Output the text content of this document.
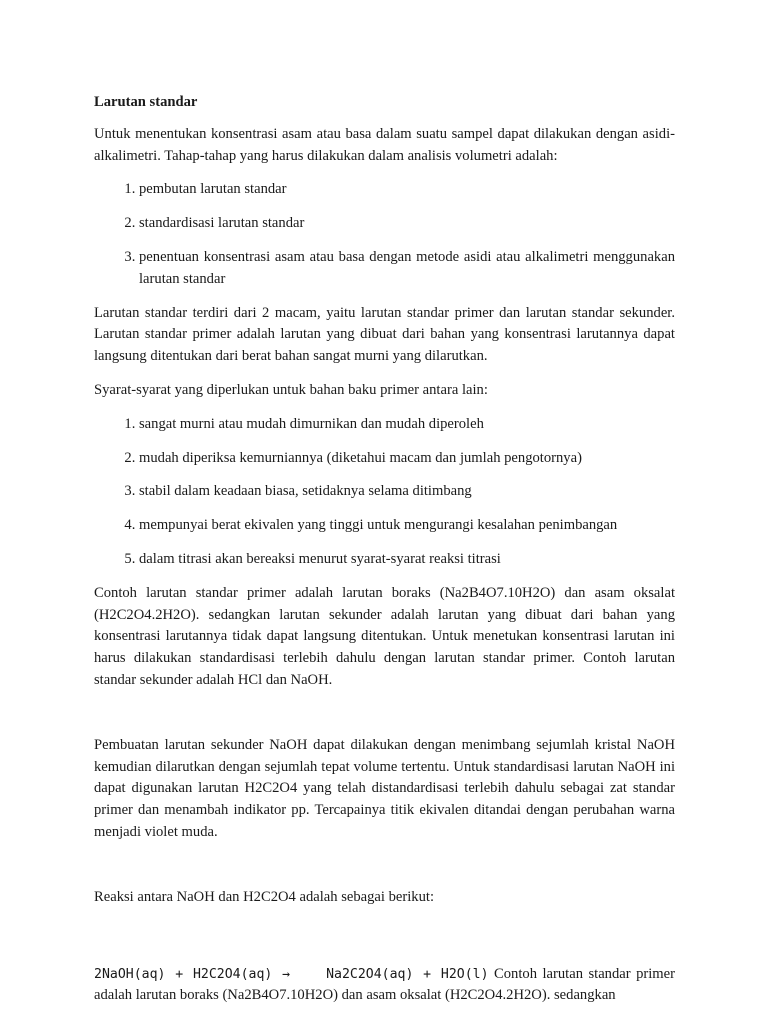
Larutan standar

Untuk menentukan konsentrasi asam atau basa dalam suatu sampel dapat dilakukan dengan asidi-alkalimetri. Tahap-tahap yang harus dilakukan dalam analisis volumetri adalah:

1. pembutan larutan standar
2. standardisasi larutan standar
3. penentuan konsentrasi asam atau basa dengan metode asidi atau alkalimetri menggunakan larutan standar

Larutan standar terdiri dari 2 macam, yaitu larutan standar primer dan larutan standar sekunder. Larutan standar primer adalah larutan yang dibuat dari bahan yang konsentrasi larutannya dapat langsung ditentukan dari berat bahan sangat murni yang dilarutkan.

Syarat-syarat yang diperlukan untuk bahan baku primer antara lain:

1. sangat murni atau mudah dimurnikan dan mudah diperoleh
2. mudah diperiksa kemurniannya (diketahui macam dan jumlah pengotornya)
3. stabil dalam keadaan biasa, setidaknya selama ditimbang
4. mempunyai berat ekivalen yang tinggi untuk mengurangi kesalahan penimbangan
5. dalam titrasi akan bereaksi menurut syarat-syarat reaksi titrasi

Contoh larutan standar primer adalah larutan boraks (Na2B4O7.10H2O) dan asam oksalat (H2C2O4.2H2O). sedangkan larutan sekunder adalah larutan yang dibuat dari bahan yang konsentrasi larutannya tidak dapat langsung ditentukan. Untuk menetukan konsentrasi larutan ini harus dilakukan standardisasi terlebih dahulu dengan larutan standar primer. Contoh larutan standar sekunder adalah HCl dan NaOH.

Pembuatan larutan sekunder NaOH dapat dilakukan dengan menimbang sejumlah kristal NaOH kemudian dilarutkan dengan sejumlah tepat volume tertentu. Untuk standardisasi larutan NaOH ini dapat digunakan larutan H2C2O4 yang telah distandardisasi terlebih dahulu sebagai zat standar primer dan menambah indikator pp. Tercapainya titik ekivalen ditandai dengan perubahan warna menjadi violet muda.

Reaksi antara NaOH dan H2C2O4 adalah sebagai berikut:

2NaOH(aq) + H2C2O4(aq) →	Na2C2O4(aq) + H2O(l) Contoh larutan standar primer adalah larutan boraks (Na2B4O7.10H2O) dan asam oksalat (H2C2O4.2H2O). sedangkan
